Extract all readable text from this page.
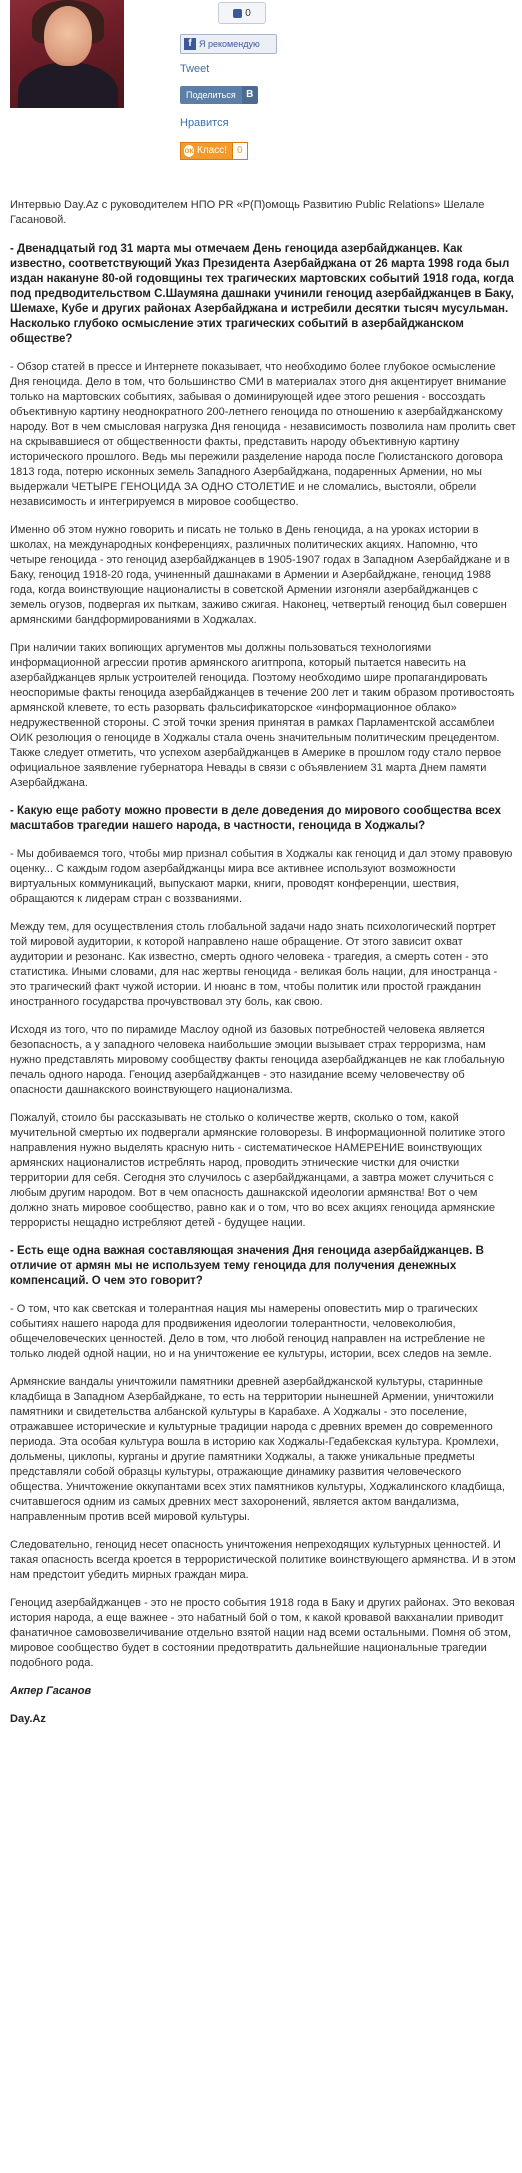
0
f Я рекомендую
Tweet
Поделиться	В
Нравится
ок Класс!	0

Интервью Day.Az с руководителем НПО PR «P(П)омощь Развитию Public Relations» Шелале Гасановой.

- Двенадцатый год 31 марта мы отмечаем День геноцида азербайджанцев. Как известно, соответствующий Указ Президента Азербайджана от 26 марта 1998 года был издан накануне 80-ой годовщины тех трагических мартовских событий 1918 года, когда под предводительством С.Шаумяна дашнаки учинили геноцид азербайджанцев в Баку, Шемахе, Кубе и других районах Азербайджана и истребили десятки тысяч мусульман. Насколько глубоко осмысление этих трагических событий в азербайджанском обществе?

- Обзор статей в прессе и Интернете показывает, что необходимо более глубокое осмысление Дня геноцида. Дело в том, что большинство СМИ в материалах этого дня акцентирует внимание только на мартовских событиях, забывая о доминирующей идее этого решения - воссоздать объективную картину неоднократного 200-летнего геноцида по отношению к азербайджанскому народу. Вот в чем смысловая нагрузка Дня геноцида - независимость позволила нам пролить свет на скрывавшиеся от общественности факты, представить народу объективную картину исторического прошлого. Ведь мы пережили разделение народа после Гюлистанского договора 1813 года, потерю исконных земель Западного Азербайджана, подаренных Армении, но мы выдержали ЧЕТЫРЕ ГЕНОЦИДА ЗА ОДНО СТОЛЕТИЕ и не сломались, выстояли, обрели независимость и интегрируемся в мировое сообщество.

Именно об этом нужно говорить и писать не только в День геноцида, а на уроках истории в школах, на международных конференциях, различных политических акциях. Напомню, что четыре геноцида - это геноцид азербайджанцев в 1905-1907 годах в Западном Азербайджане и в Баку, геноцид 1918-20 года, учиненный дашнаками в Армении и Азербайджане, геноцид 1988 года, когда воинствующие националисты в советской Армении изгоняли азербайджанцев с земель огузов, подвергая их пыткам, заживо сжигая. Наконец, четвертый геноцид был совершен армянскими бандформированиями в Ходжалах.

При наличии таких вопиющих аргументов мы должны пользоваться технологиями информационной агрессии против армянского агитпропа, который пытается навесить на азербайджанцев ярлык устроителей геноцида. Поэтому необходимо шире пропагандировать неоспоримые факты геноцида азербайджанцев в течение 200 лет и таким образом противостоять армянской клевете, то есть разорвать фальсификаторское «информационное облако» недружественной стороны. С этой точки зрения принятая в рамках Парламентской ассамблеи ОИК резолюция о геноциде в Ходжалы стала очень значительным политическим прецедентом. Также следует отметить, что успехом азербайджанцев в Америке в прошлом году стало первое официальное заявление губернатора Невады в связи с объявлением 31 марта Днем памяти Азербайджана.

- Какую еще работу можно провести в деле доведения до мирового сообщества всех масштабов трагедии нашего народа, в частности, геноцида в Ходжалы?

- Мы добиваемся того, чтобы мир признал события в Ходжалы как геноцид и дал этому правовую оценку... С каждым годом азербайджанцы мира все активнее используют возможности виртуальных коммуникаций, выпускают марки, книги, проводят конференции, шествия, обращаются к лидерам стран с воззваниями.

Между тем, для осуществления столь глобальной задачи надо знать психологический портрет той мировой аудитории, к которой направлено наше обращение. От этого зависит охват аудитории и резонанс. Как известно, смерть одного человека - трагедия, а смерть сотен - это статистика. Иными словами, для нас жертвы геноцида - великая боль нации, для иностранца - это трагический факт чужой истории. И нюанс в том, чтобы политик или простой гражданин иностранного государства прочувствовал эту боль, как свою.

Исходя из того, что по пирамиде Маслоу одной из базовых потребностей человека является безопасность, а у западного человека наибольшие эмоции вызывает страх терроризма, нам нужно представлять мировому сообществу факты геноцида азербайджанцев не как глобальную печаль одного народа. Геноцид азербайджанцев - это назидание всему человечеству об опасности дашнакского воинствующего национализма.

Пожалуй, стоило бы рассказывать не столько о количестве жертв, сколько о том, какой мучительной смертью их подвергали армянские головорезы. В информационной политике этого направления нужно выделять красную нить - систематическое НАМЕРЕНИЕ воинствующих армянских националистов истреблять народ, проводить этнические чистки для очистки территории для себя. Сегодня это случилось с азербайджанцами, а завтра может случиться с любым другим народом. Вот в чем опасность дашнакской идеологии армянства! Вот о чем должно знать мировое сообщество, равно как и о том, что во всех акциях геноцида армянские террористы нещадно истребляют детей - будущее нации.

- Есть еще одна важная составляющая значения Дня геноцида азербайджанцев. В отличие от армян мы не используем тему геноцида для получения денежных компенсаций. О чем это говорит?

- О том, что как светская и толерантная нация мы намерены оповестить мир о трагических событиях нашего народа для продвижения идеологии толерантности, человеколюбия, общечеловеческих ценностей. Дело в том, что любой геноцид направлен на истребление не только людей одной нации, но и на уничтожение ее культуры, истории, всех следов на земле.

Армянские вандалы уничтожили памятники древней азербайджанской культуры, старинные кладбища в Западном Азербайджане, то есть на территории нынешней Армении, уничтожили памятники и свидетельства албанской культуры в Карабахе. А Ходжалы - это поселение, отражавшее исторические и культурные традиции народа с древних времен до современного периода. Эта особая культура вошла в историю как Ходжалы-Гедабекская культура. Кромлехи, дольмены, циклопы, курганы и другие памятники Ходжалы, а также уникальные предметы представляли собой образцы культуры, отражающие динамику развития человеческого общества. Уничтожение оккупантами всех этих памятников культуры, Ходжалинского кладбища, считавшегося одним из самых древних мест захоронений, является актом вандализма, направленным против всей мировой культуры.

Следовательно, геноцид несет опасность уничтожения непреходящих культурных ценностей. И такая опасность всегда кроется в террористической политике воинствующего армянства. И в этом нам предстоит убедить мирных граждан мира.

Геноцид азербайджанцев - это не просто события 1918 года в Баку и других районах. Это вековая история народа, а еще важнее - это набатный бой о том, к какой кровавой вакханалии приводит фанатичное самовозвеличивание отдельно взятой нации над всеми остальными. Помня об этом, мировое сообщество будет в состоянии предотвратить дальнейшие национальные трагедии подобного рода.

Акпер Гасанов

Day.Az
